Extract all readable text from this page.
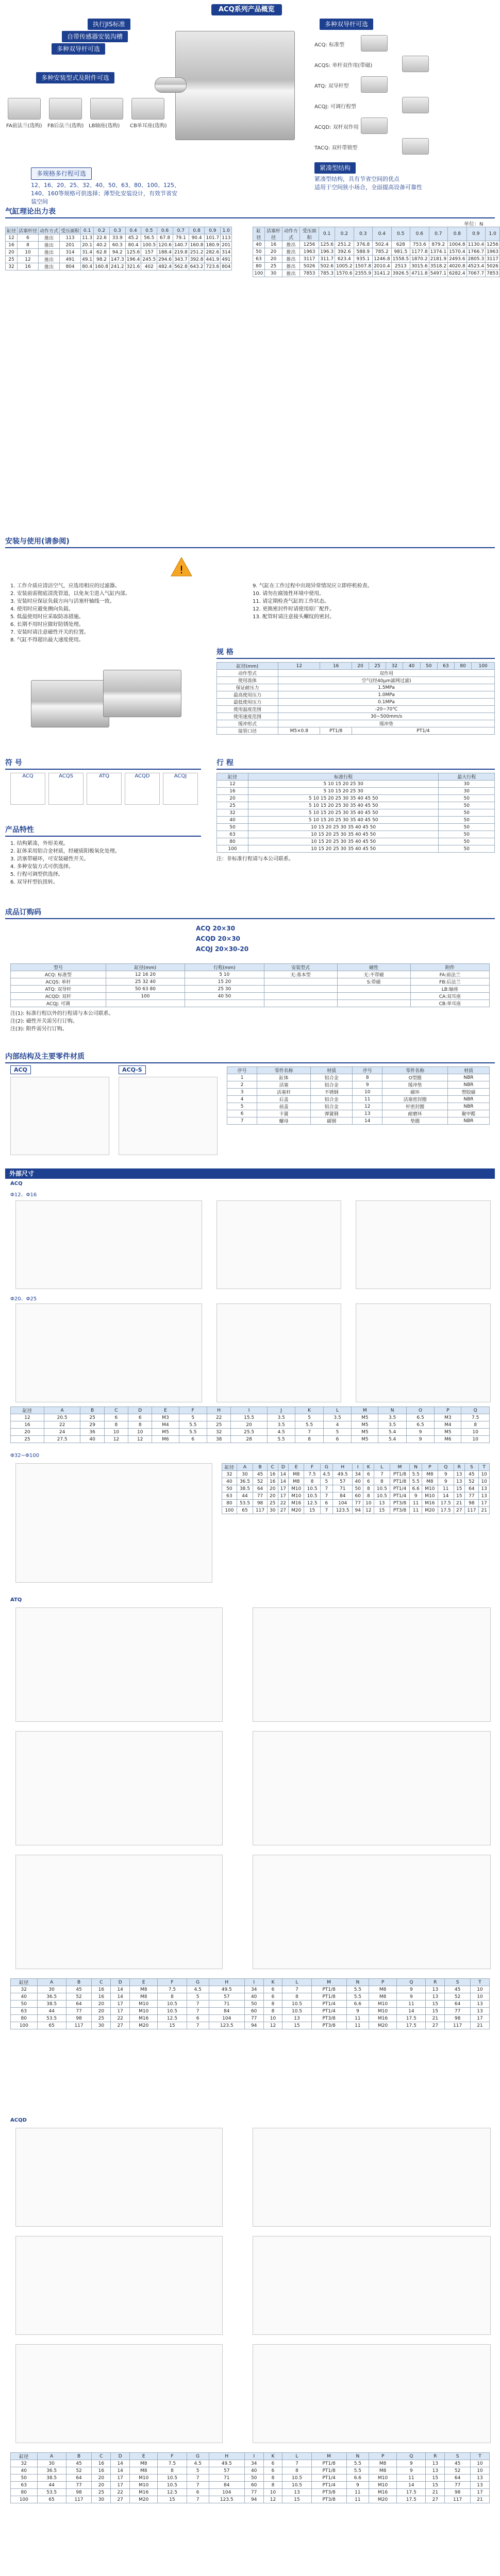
ACQ系列产品概览
执行JIS标准
自带传感器安装沟槽
多种双导杆可选
多种安装型式及附件可选
多规格多行程可选
紧凑型结构
FA前法兰(选购) FB后法兰(选购) LB轴座(选购) CB单耳座(选购)
12、16、20、25、32、40、50、63、80、100、125、140、160等规格可供选择；薄型化安装设计，有效节省安装空间
多种双导杆可选
ACQ: 标准型
ACQS: 单杆双作用(带磁)
ATQ: 双导杆型
ACQJ: 可调行程型
ACQD: 双杆双作用
TACQ: 双杆带锁型
紧凑型结构，具有节省空间的优点
适用于空间狭小场合，全面提高设备可靠性
气缸理论出力表
单位：N
缸径	活塞杆径	动作方式	受压面积	0.1	0.2	0.3	0.4	0.5	0.6	0.7	0.8	0.9	1.0
12	6	推出	113	11.3	22.6	33.9	45.2	56.5	67.8	79.1	90.4	101.7	113
16	8	推出	201	20.1	40.2	60.3	80.4	100.5	120.6	140.7	160.8	180.9	201
20	10	推出	314	31.4	62.8	94.2	125.6	157	188.4	219.8	251.2	282.6	314
25	12	推出	491	49.1	98.2	147.3	196.4	245.5	294.6	343.7	392.8	441.9	491
32	16	推出	804	80.4	160.8	241.2	321.6	402	482.4	562.8	643.2	723.6	804
缸径	活塞杆径	动作方式	受压面积	0.1	0.2	0.3	0.4	0.5	0.6	0.7	0.8	0.9	1.0
40	16	推出	1256	125.6	251.2	376.8	502.4	628	753.6	879.2	1004.8	1130.4	1256
50	20	推出	1963	196.3	392.6	588.9	785.2	981.5	1177.8	1374.1	1570.4	1766.7	1963
63	20	推出	3117	311.7	623.4	935.1	1246.8	1558.5	1870.2	2181.9	2493.6	2805.3	3117
80	25	推出	5026	502.6	1005.2	1507.8	2010.4	2513	3015.6	3518.2	4020.8	4523.4	5026
100	30	推出	7853	785.3	1570.6	2355.9	3141.2	3926.5	4711.8	5497.1	6282.4	7067.7	7853
安装与使用(请参阅)
!
1. 工作介质应清洁空气，应选用相应的过滤器。
2. 安装前需彻底清洗管道，以免灰尘进入气缸内部。
3. 安装时应保证负载方向与活塞杆轴线一致。
4. 使用时应避免侧向负载。
5. 低温使用时应采取防冻措施。
6. 长期不用时应做好防锈处理。
7. 安装时请注意磁性开关的位置。
8. 气缸不得超出最大速度使用。
9. 气缸在工作过程中出现异常情况应立即停机检查。
10. 请勿在腐蚀性环境中使用。
11. 请定期检查气缸的工作状态。
12. 更换密封件时请使用原厂配件。
13. 配管时请注意接头螺纹的密封。
规 格
缸径(mm)	12	16	20	25	32	40	50	63	80	100
动作型式	双作用									
使用流体	空气(经40μm滤网过滤)									
保证耐压力	1.5MPa									
最高使用压力	1.0MPa									
最低使用压力	0.1MPa									
使用温度范围	-20~70℃									
使用速度范围	30~500mm/s									
缓冲形式	缓冲垫									
接管口径	M5×0.8	PT1/8	PT1/4							
符 号
ACQ	ACQS	ATQ	ACQD	ACQJ
行 程
缸径	标准行程	最大行程
12	5 10 15 20 25 30	30
16	5 10 15 20 25 30	30
20	5 10 15 20 25 30 35 40 45 50	50
25	5 10 15 20 25 30 35 40 45 50	50
32	5 10 15 20 25 30 35 40 45 50	50
40	5 10 15 20 25 30 35 40 45 50	50
50	10 15 20 25 30 35 40 45 50	50
63	10 15 20 25 30 35 40 45 50	50
80	10 15 20 25 30 35 40 45 50	50
100	10 15 20 25 30 35 40 45 50	50
注：非标准行程请与本公司联系。
产品特性
1. 结构紧凑，外形美观。
2. 缸体采用铝合金材质，经硬质阳极氧化处理。
3. 活塞带磁环，可安装磁性开关。
4. 多种安装方式可供选择。
5. 行程可调型供选择。
6. 双导杆型抗扭转。
成品订购码
ACQ 20×30
ACQD 20×30
ACQJ 20×30-20
型号	缸径(mm)	行程(mm)	安装型式	磁性	附件
ACQ: 标准型	12 16 20	5 10	无:基本型	无:不带磁	FA:前法兰
ACQS: 单杆	25 32 40	15 20		S:带磁	FB:后法兰
ATQ: 双导杆	50 63 80	25 30			LB:轴座
ACQD: 双杆	100	40 50			CA:双耳座
ACQJ: 可调					CB:单耳座
注(1): 标准行程以外的行程请与本公司联系。
注(2): 磁性开关需另行订购。
注(3): 附件需另行订购。
内部结构及主要零件材质
ACQ	ACQ-S	序号	零件名称	材质	序号	零件名称	材质
1	缸体	铝合金	8	O型圈	NBR
2	活塞	铝合金	9	缓冲垫	NBR
3	活塞杆	不锈钢	10	磁环	塑胶磁
4	后盖	铝合金	11	活塞密封圈	NBR
5	前盖	铝合金	12	杆密封圈	NBR
6	卡簧	弹簧钢	13	耐磨环	聚甲醛
7	螺母	碳钢	14	垫圈	NBR
外部尺寸
ACQ
Φ12、Φ16
Φ20、Φ25
缸径	A	B	C	D	E	F	H	I	J	K	L	M	N	O	P	Q
12	20.5	25	6	6	M3	5	22	15.5	3.5	5	3.5	M5	3.5	6.5	M3	7.5
16	22	29	8	8	M4	5.5	25	20	3.5	5.5	4	M5	3.5	6.5	M4	8
20	24	36	10	10	M5	5.5	32	25.5	4.5	7	5	M5	5.4	9	M5	10
25	27.5	40	12	12	M6	6	38	28	5.5	8	6	M5	5.4	9	M6	10
Φ32~Φ100
缸径	A	B	C	D	E	F	G	H	I	K	L	M	N	P	Q	R	S	T
32	30	45	16	14	M8	7.5	4.5	49.5	34	6	7	PT1/8	5.5	M8	9	13	45	10
40	36.5	52	16	14	M8	8	5	57	40	6	8	PT1/8	5.5	M8	9	13	52	10
50	38.5	64	20	17	M10	10.5	7	71	50	8	10.5	PT1/4	6.6	M10	11	15	64	13
63	44	77	20	17	M10	10.5	7	84	60	8	10.5	PT1/4	9	M10	14	15	77	13
80	53.5	98	25	22	M16	12.5	6	104	77	10	13	PT3/8	11	M16	17.5	21	98	17
100	65	117	30	27	M20	15	7	123.5	94	12	15	PT3/8	11	M20	17.5	27	117	21
ATQ
缸径	A	B	C	D	E	F	G	H	I	K	L	M	N	P	Q	R	S	T
32	30	45	16	14	M8	7.5	4.5	49.5	34	6	7	PT1/8	5.5	M8	9	13	45	10
40	36.5	52	16	14	M8	8	5	57	40	6	8	PT1/8	5.5	M8	9	13	52	10
50	38.5	64	20	17	M10	10.5	7	71	50	8	10.5	PT1/4	6.6	M10	11	15	64	13
63	44	77	20	17	M10	10.5	7	84	60	8	10.5	PT1/4	9	M10	14	15	77	13
80	53.5	98	25	22	M16	12.5	6	104	77	10	13	PT3/8	11	M16	17.5	21	98	17
100	65	117	30	27	M20	15	7	123.5	94	12	15	PT3/8	11	M20	17.5	27	117	21
ACQD
缸径	A	B	C	D	E	F	G	H	I	K	L	M	N	P	Q	R	S	T
32	30	45	16	14	M8	7.5	4.5	49.5	34	6	7	PT1/8	5.5	M8	9	13	45	10
40	36.5	52	16	14	M8	8	5	57	40	6	8	PT1/8	5.5	M8	9	13	52	10
50	38.5	64	20	17	M10	10.5	7	71	50	8	10.5	PT1/4	6.6	M10	11	15	64	13
63	44	77	20	17	M10	10.5	7	84	60	8	10.5	PT1/4	9	M10	14	15	77	13
80	53.5	98	25	22	M16	12.5	6	104	77	10	13	PT3/8	11	M16	17.5	21	98	17
100	65	117	30	27	M20	15	7	123.5	94	12	15	PT3/8	11	M20	17.5	27	117	21
